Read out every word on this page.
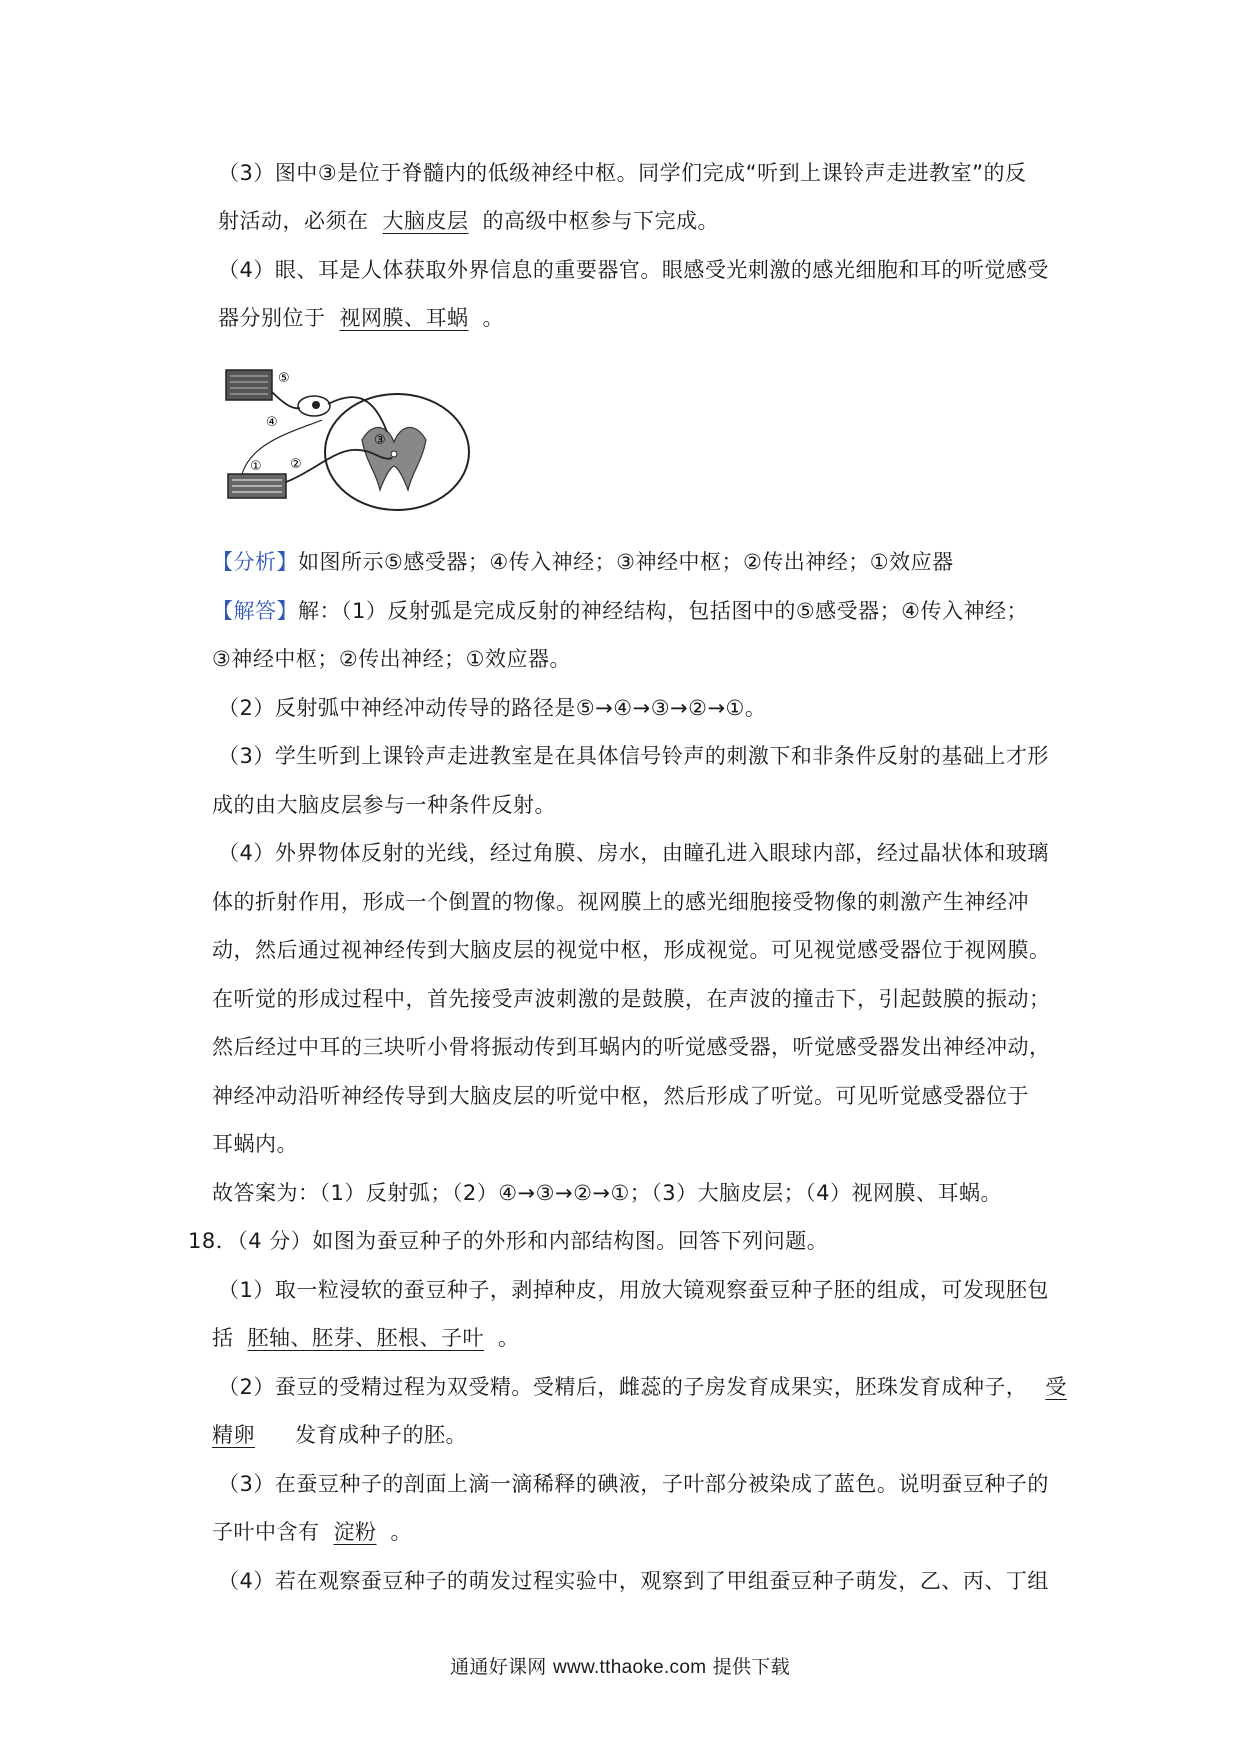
（3）图中③是位于脊髓内的低级神经中枢。同学们完成“听到上课铃声走进教室”的反
射活动，必须在 大脑皮层 的高级中枢参与下完成。
（4）眼、耳是人体获取外界信息的重要器官。眼感受光刺激的感光细胞和耳的听觉感受
器分别位于 视网膜、耳蜗 。
⑤
④
③
②
①
【分析】如图所示⑤感受器；④传入神经；③神经中枢；②传出神经；①效应器
【解答】解：（1）反射弧是完成反射的神经结构，包括图中的⑤感受器；④传入神经；
③神经中枢；②传出神经；①效应器。
（2）反射弧中神经冲动传导的路径是⑤→④→③→②→①。
（3）学生听到上课铃声走进教室是在具体信号铃声的刺激下和非条件反射的基础上才形
成的由大脑皮层参与一种条件反射。
（4）外界物体反射的光线，经过角膜、房水，由瞳孔进入眼球内部，经过晶状体和玻璃
体的折射作用，形成一个倒置的物像。视网膜上的感光细胞接受物像的刺激产生神经冲
动，然后通过视神经传到大脑皮层的视觉中枢，形成视觉。可见视觉感受器位于视网膜。
在听觉的形成过程中，首先接受声波刺激的是鼓膜，在声波的撞击下，引起鼓膜的振动；
然后经过中耳的三块听小骨将振动传到耳蜗内的听觉感受器，听觉感受器发出神经冲动，
神经冲动沿听神经传导到大脑皮层的听觉中枢，然后形成了听觉。可见听觉感受器位于
耳蜗内。
故答案为：（1）反射弧；（2）④→③→②→①；（3）大脑皮层；（4）视网膜、耳蜗。
18．（4 分）如图为蚕豆种子的外形和内部结构图。回答下列问题。
（1）取一粒浸软的蚕豆种子，剥掉种皮，用放大镜观察蚕豆种子胚的组成，可发现胚包
括 胚轴、胚芽、胚根、子叶 。
（2）蚕豆的受精过程为双受精。受精后，雌蕊的子房发育成果实，胚珠发育成种子， 受
精卵 发育成种子的胚。
（3）在蚕豆种子的剖面上滴一滴稀释的碘液，子叶部分被染成了蓝色。说明蚕豆种子的
子叶中含有 淀粉 。
（4）若在观察蚕豆种子的萌发过程实验中，观察到了甲组蚕豆种子萌发，乙、丙、丁组
通通好课网 www.tthaoke.com 提供下载
